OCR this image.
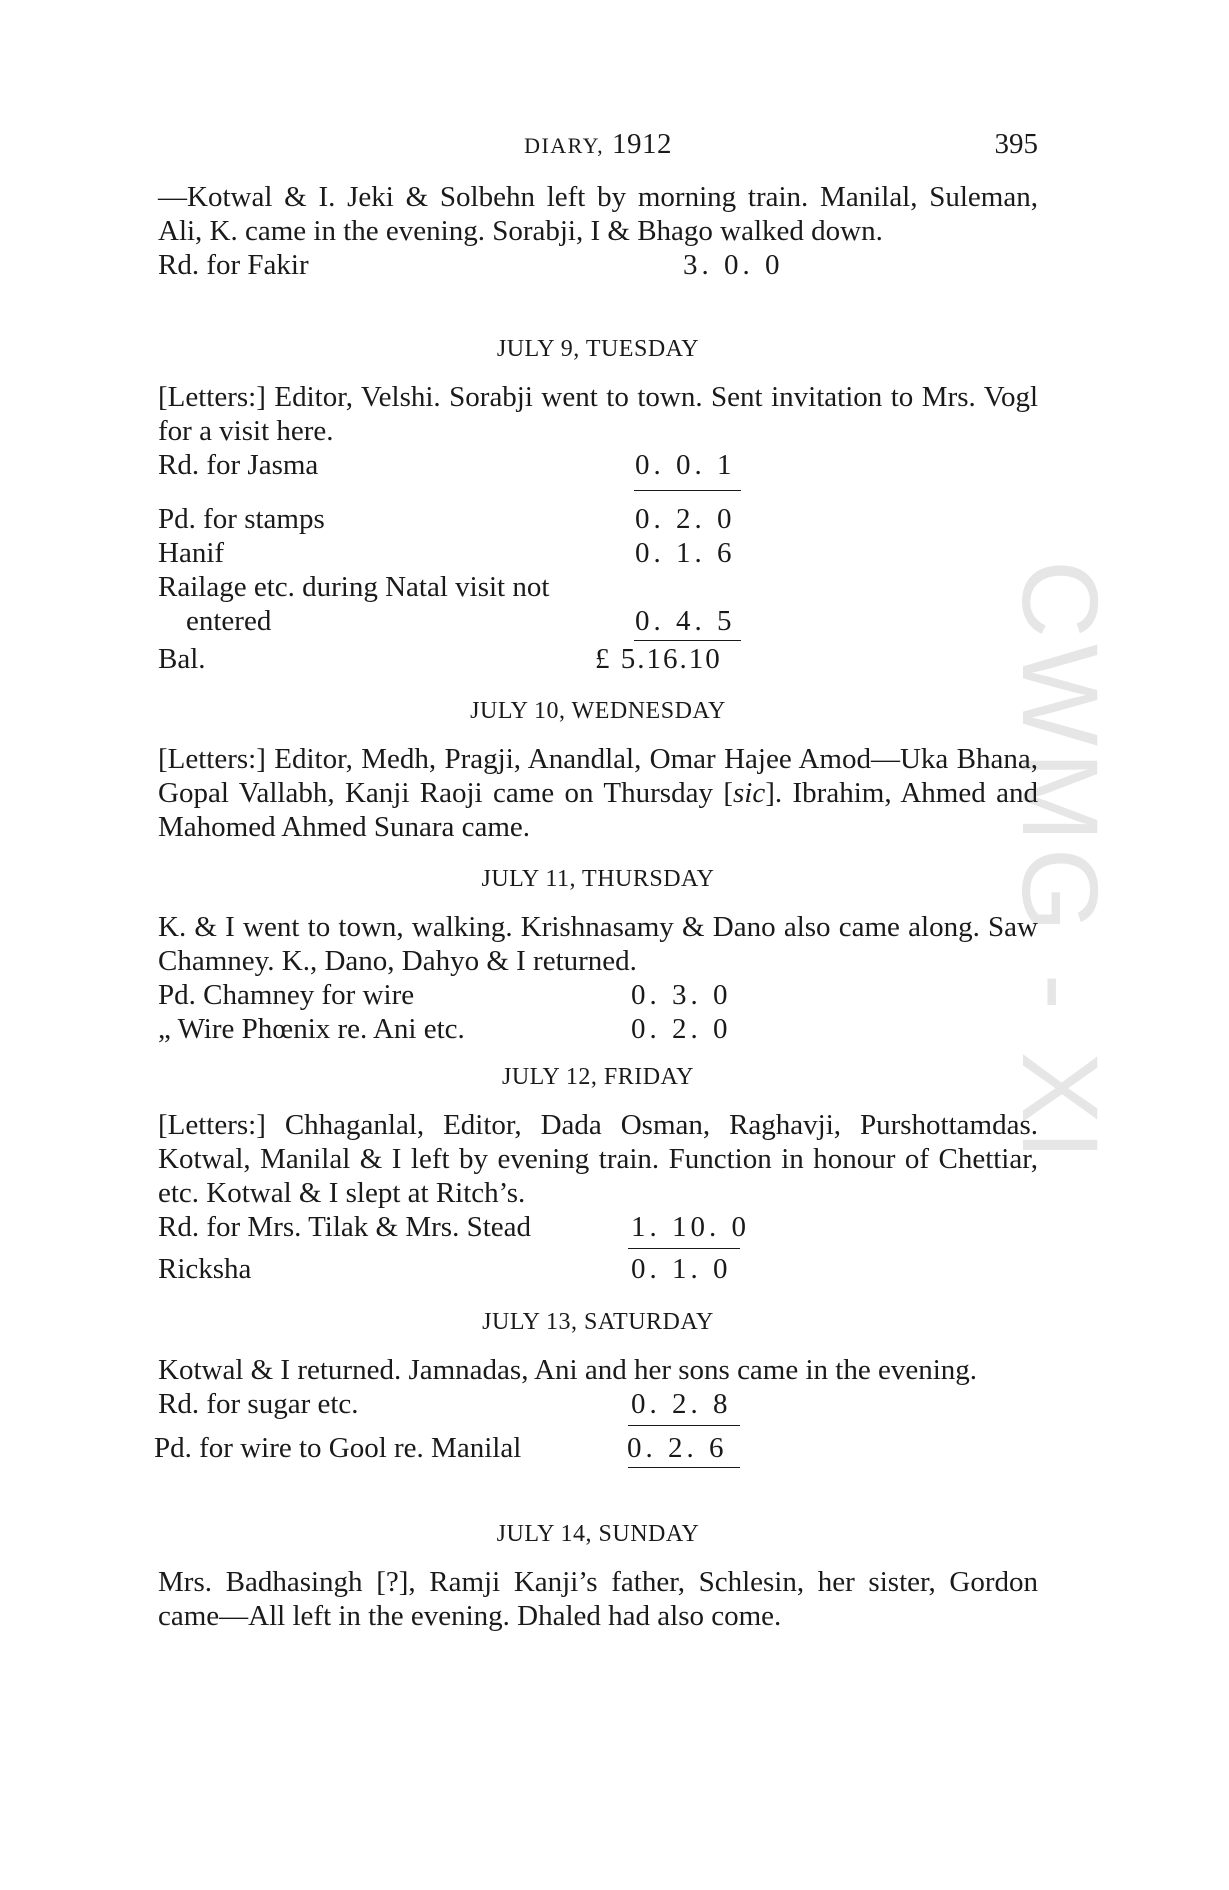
DIARY, 1912	395
CWMG - XI

—Kotwal & I. Jeki & Solbehn left by morning train. Manilal, Suleman, Ali, K. came in the evening. Sorabji, I & Bhago walked down.

Rd. for Fakir	3. 0. 0

JULY 9, TUESDAY

[Letters:] Editor, Velshi. Sorabji went to town. Sent invitation to Mrs. Vogl for a visit here.

Rd. for Jasma	0. 0. 1
Pd. for stamps	0. 2. 0
Hanif	0. 1. 6
Railage etc. during Natal visit not
entered	0. 4. 5
Bal.	£ 5.16.10

JULY 10, WEDNESDAY

[Letters:] Editor, Medh, Pragji, Anandlal, Omar Hajee Amod—Uka Bhana, Gopal Vallabh, Kanji Raoji came on Thursday [sic]. Ibrahim, Ahmed and Mahomed Ahmed Sunara came.

JULY 11, THURSDAY

K. & I went to town, walking. Krishnasamy & Dano also came along. Saw Chamney. K., Dano, Dahyo & I returned.

Pd. Chamney for wire	0. 3. 0
„ Wire Phœnix re. Ani etc.	0. 2. 0

JULY 12, FRIDAY

[Letters:] Chhaganlal, Editor, Dada Osman, Raghavji, Purshottamdas. Kotwal, Manilal & I left by evening train. Function in honour of Chettiar, etc. Kotwal & I slept at Ritch’s.

Rd. for Mrs. Tilak & Mrs. Stead	1. 10. 0
Ricksha	0. 1. 0

JULY 13, SATURDAY

Kotwal & I returned. Jamnadas, Ani and her sons came in the evening.

Rd. for sugar etc.	0. 2. 8
Pd. for wire to Gool re. Manilal	0. 2. 6

JULY 14, SUNDAY

Mrs. Badhasingh [?], Ramji Kanji’s father, Schlesin, her sister, Gordon came—All left in the evening. Dhaled had also come.
